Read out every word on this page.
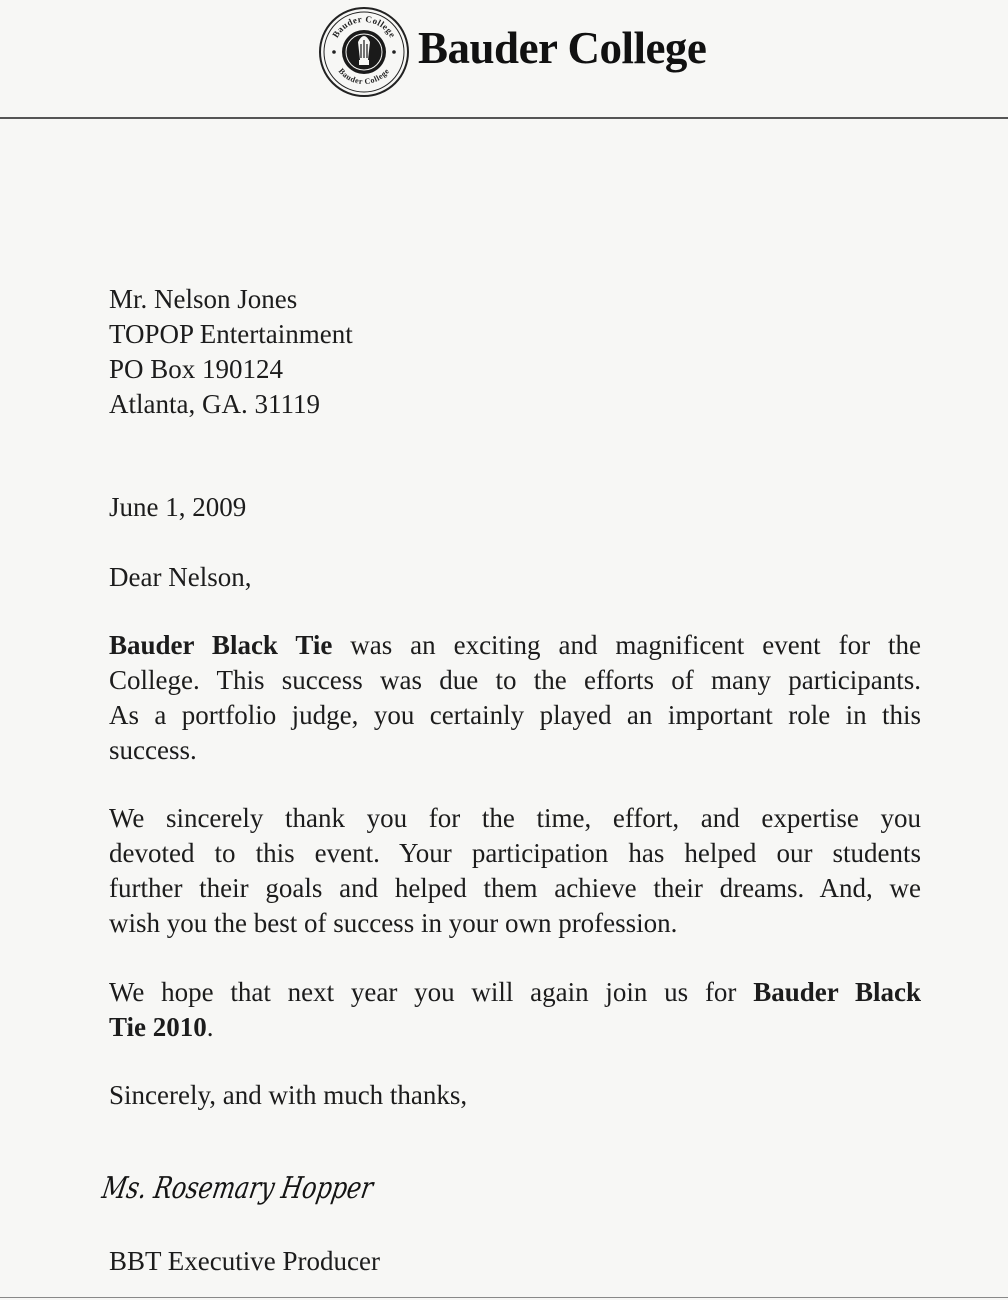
Bauder College
Bauder College Bauder College
Mr. Nelson Jones
TOPOP Entertainment
PO Box 190124
Atlanta, GA. 31119
June 1, 2009
Dear Nelson,
Bauder Black Tie was an exciting and magnificent event for the
College. This success was due to the efforts of many participants.
As a portfolio judge, you certainly played an important role in this
success.
We sincerely thank you for the time, effort, and expertise you
devoted to this event. Your participation has helped our students
further their goals and helped them achieve their dreams. And, we
wish you the best of success in your own profession.
We hope that next year you will again join us for Bauder Black
Tie 2010.
Sincerely, and with much thanks,
Ms. Rosemary Hopper
BBT Executive Producer
